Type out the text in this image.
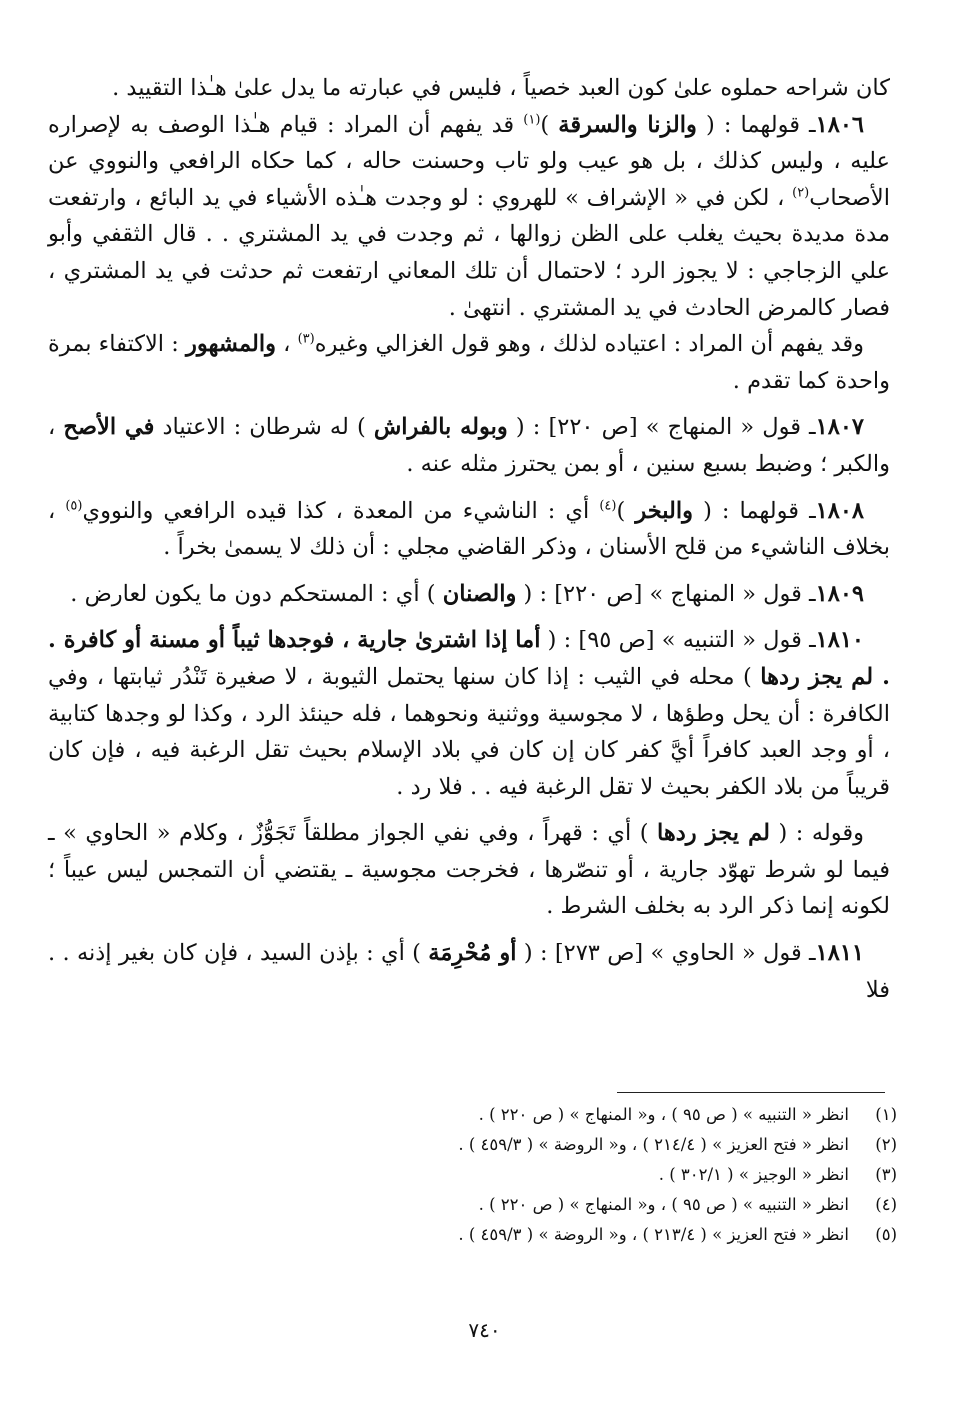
كان شراحه حملوه علىٰ كون العبد خصياً ، فليس في عبارته ما يدل علىٰ هـٰذا التقييد .

١٨٠٦ـ قولهما : ( والزنا والسرقة )$^{(١)}$ قد يفهم أن المراد : قيام هـٰذا الوصف به لإصراره عليه ، وليس كذلك ، بل هو عيب ولو تاب وحسنت حاله ، كما حكاه الرافعي والنووي عن الأصحاب$^{(٢)}$ ، لكن في « الإشراف » للهروي : لو وجدت هـٰذه الأشياء في يد البائع ، وارتفعت مدة مديدة بحيث يغلب على الظن زوالها ، ثم وجدت في يد المشتري . . قال الثقفي وأبو علي الزجاجي : لا يجوز الرد ؛ لاحتمال أن تلك المعاني ارتفعت ثم حدثت في يد المشتري ، فصار كالمرض الحادث في يد المشتري . انتهىٰ .

وقد يفهم أن المراد : اعتياده لذلك ، وهو قول الغزالي وغيره$^{(٣)}$ ، والمشهور : الاكتفاء بمرة واحدة كما تقدم .

١٨٠٧ـ قول « المنهاج » [ص ٢٢٠] : ( وبوله بالفراش ) له شرطان : الاعتياد في الأصح ، والكبر ؛ وضبط بسبع سنين ، أو بمن يحترز مثله عنه .

١٨٠٨ـ قولهما : ( والبخر )$^{(٤)}$ أي : الناشيء من المعدة ، كذا قيده الرافعي والنووي$^{(٥)}$ ، بخلاف الناشيء من قلح الأسنان ، وذكر القاضي مجلي : أن ذلك لا يسمىٰ بخراً .

١٨٠٩ـ قول « المنهاج » [ص ٢٢٠] : ( والصنان ) أي : المستحكم دون ما يكون لعارض .

١٨١٠ـ قول « التنبيه » [ص ٩٥] : ( أما إذا اشترىٰ جارية ، فوجدها ثيباً أو مسنة أو كافرة . . لم يجز ردها ) محله في الثيب : إذا كان سنها يحتمل الثيوبة ، لا صغيرة تَنْدُر ثيابتها ، وفي الكافرة : أن يحل وطؤها ، لا مجوسية ووثنية ونحوهما ، فله حينئذ الرد ، وكذا لو وجدها كتابية ، أو وجد العبد كافراً أيَّ كفر كان إن كان في بلاد الإسلام بحيث تقل الرغبة فيه ، فإن كان قريباً من بلاد الكفر بحيث لا تقل الرغبة فيه . . فلا رد .

وقوله : ( لم يجز ردها ) أي : قهراً ، وفي نفي الجواز مطلقاً تَجَوُّزٌ ، وكلام « الحاوي » ـ فيما لو شرط تهوّد جارية ، أو تنصّرها ، فخرجت مجوسية ـ يقتضي أن التمجس ليس عيباً ؛ لكونه إنما ذكر الرد به بخلف الشرط .

١٨١١ـ قول « الحاوي » [ص ٢٧٣] : ( أو مُحْرِمَة ) أي : بإذن السيد ، فإن كان بغير إذنه . . فلا

(١)
انظر « التنبيه » ( ص ٩٥ ) ، و« المنهاج » ( ص ٢٢٠ ) .
(٢)
انظر « فتح العزيز » ( ٢١٤/٤ ) ، و« الروضة » ( ٤٥٩/٣ ) .
(٣)
انظر « الوجيز » ( ٣٠٢/١ ) .
(٤)
انظر « التنبيه » ( ص ٩٥ ) ، و« المنهاج » ( ص ٢٢٠ ) .
(٥)
انظر « فتح العزيز » ( ٢١٣/٤ ) ، و« الروضة » ( ٤٥٩/٣ ) .
٧٤٠
